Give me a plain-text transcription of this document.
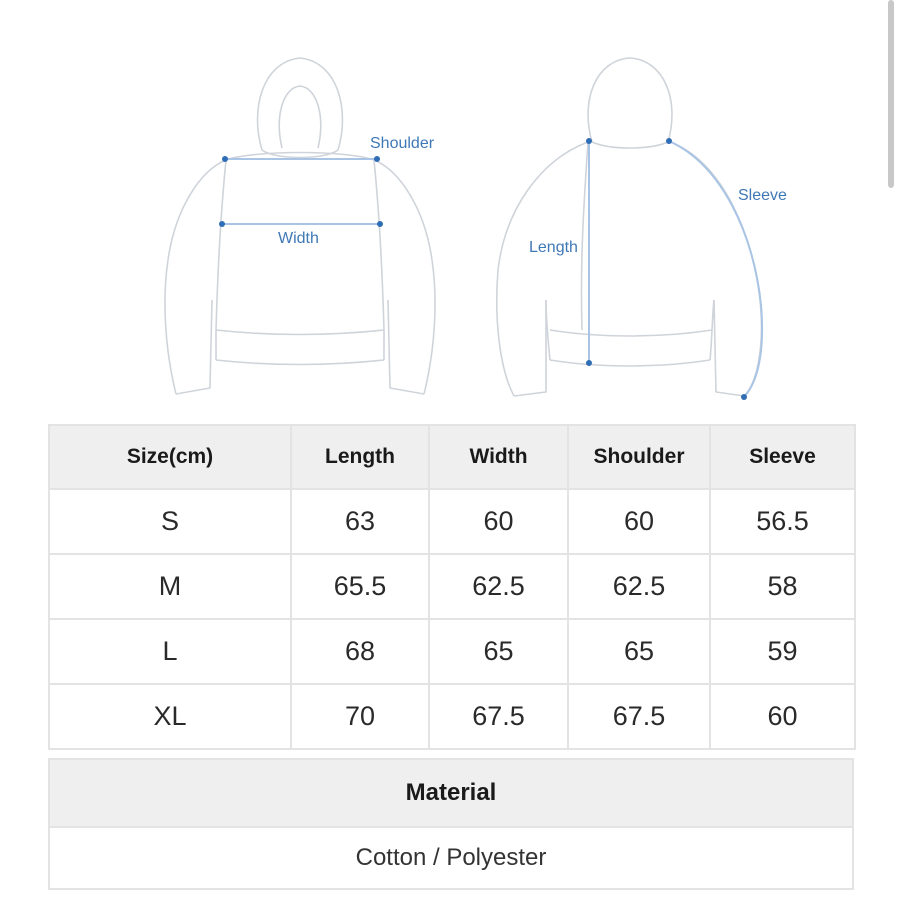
Shoulder
Width
Length
Sleeve
Size(cm)	Length	Width	Shoulder	Sleeve
S	63	60	60	56.5
M	65.5	62.5	62.5	58
L	68	65	65	59
XL	70	67.5	67.5	60
Material
Cotton / Polyester
